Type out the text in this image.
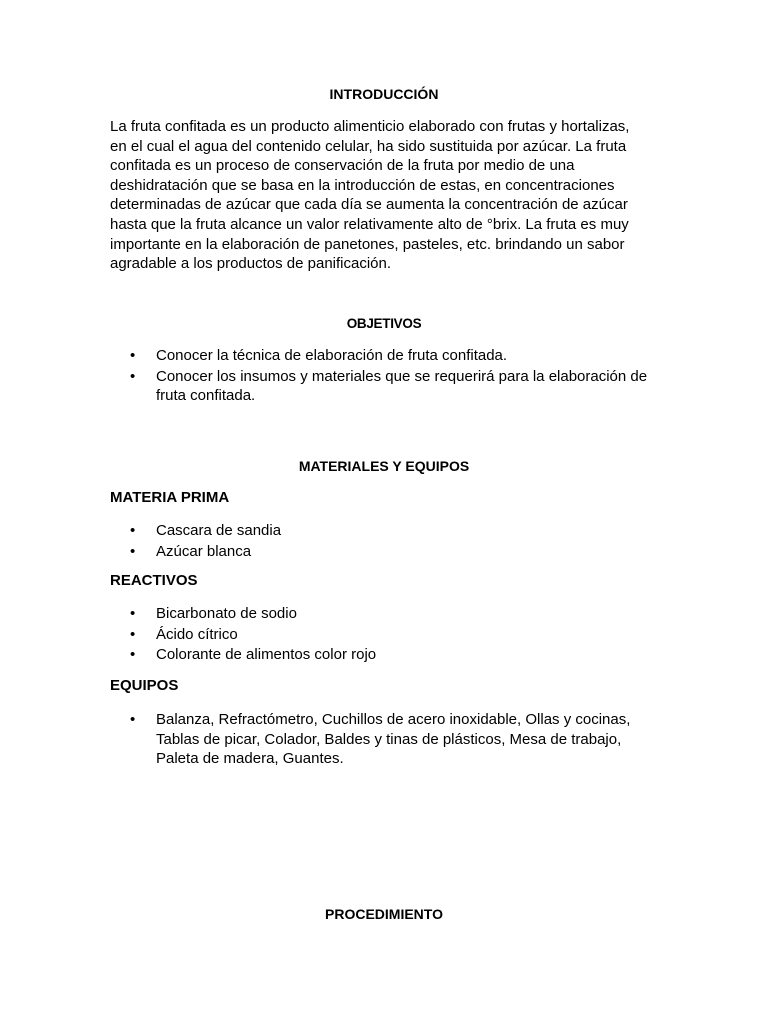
INTRODUCCIÓN

La fruta confitada es un producto alimenticio elaborado con frutas y hortalizas, en el cual el agua del contenido celular, ha sido sustituida por azúcar. La fruta confitada es un proceso de conservación de la fruta por medio de una deshidratación que se basa en la introducción de estas, en concentraciones determinadas de azúcar que cada día se aumenta la concentración de azúcar hasta que la fruta alcance un valor relativamente alto de °brix. La fruta es muy importante en la elaboración de panetones, pasteles, etc. brindando un sabor agradable a los productos de panificación.

OBJETIVOS
• Conocer la técnica de elaboración de fruta confitada.
• Conocer los insumos y materiales que se requerirá para la elaboración de fruta confitada.
MATERIALES Y EQUIPOS
MATERIA PRIMA
• Cascara de sandia
• Azúcar blanca
REACTIVOS
• Bicarbonato de sodio
• Ácido cítrico
• Colorante de alimentos color rojo
EQUIPOS
• Balanza, Refractómetro, Cuchillos de acero inoxidable, Ollas y cocinas, Tablas de picar, Colador, Baldes y tinas de plásticos, Mesa de trabajo, Paleta de madera, Guantes.
PROCEDIMIENTO
